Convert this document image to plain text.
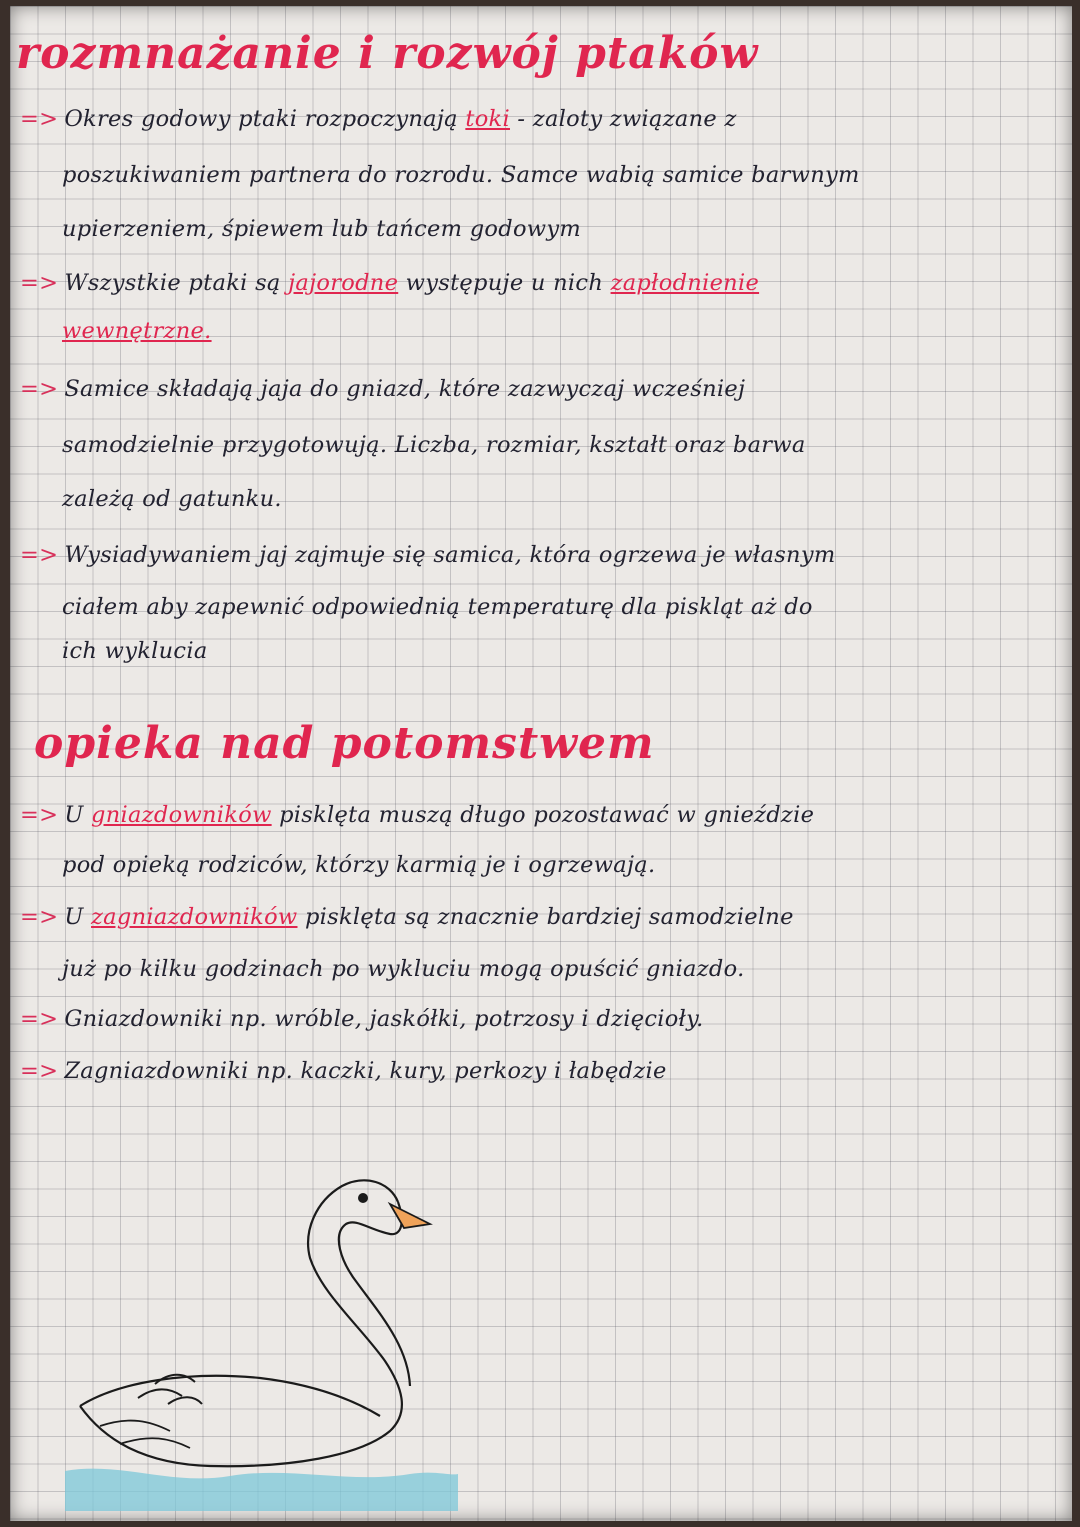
rozmnażanie i rozwój ptaków

=> Okres godowy ptaki rozpoczynają toki - zaloty związane z

poszukiwaniem partnera do rozrodu. Samce wabią samice barwnym

upierzeniem, śpiewem lub tańcem godowym

=> Wszystkie ptaki są jajorodne występuje u nich zapłodnienie

wewnętrzne.

=> Samice składają jaja do gniazd, które zazwyczaj wcześniej

samodzielnie przygotowują. Liczba, rozmiar, kształt oraz barwa

zależą od gatunku.

=> Wysiadywaniem jaj zajmuje się samica, która ogrzewa je własnym

ciałem aby zapewnić odpowiednią temperaturę dla piskląt aż do

ich wyklucia

opieka nad potomstwem

=> U gniazdowników pisklęta muszą długo pozostawać w gnieździe

pod opieką rodziców, którzy karmią je i ogrzewają.

=> U zagniazdowników pisklęta są znacznie bardziej samodzielne

już po kilku godzinach po wykluciu mogą opuścić gniazdo.

=> Gniazdowniki np. wróble, jaskółki, potrzosy i dzięcioły.

=> Zagniazdowniki np. kaczki, kury, perkozy i łabędzie
